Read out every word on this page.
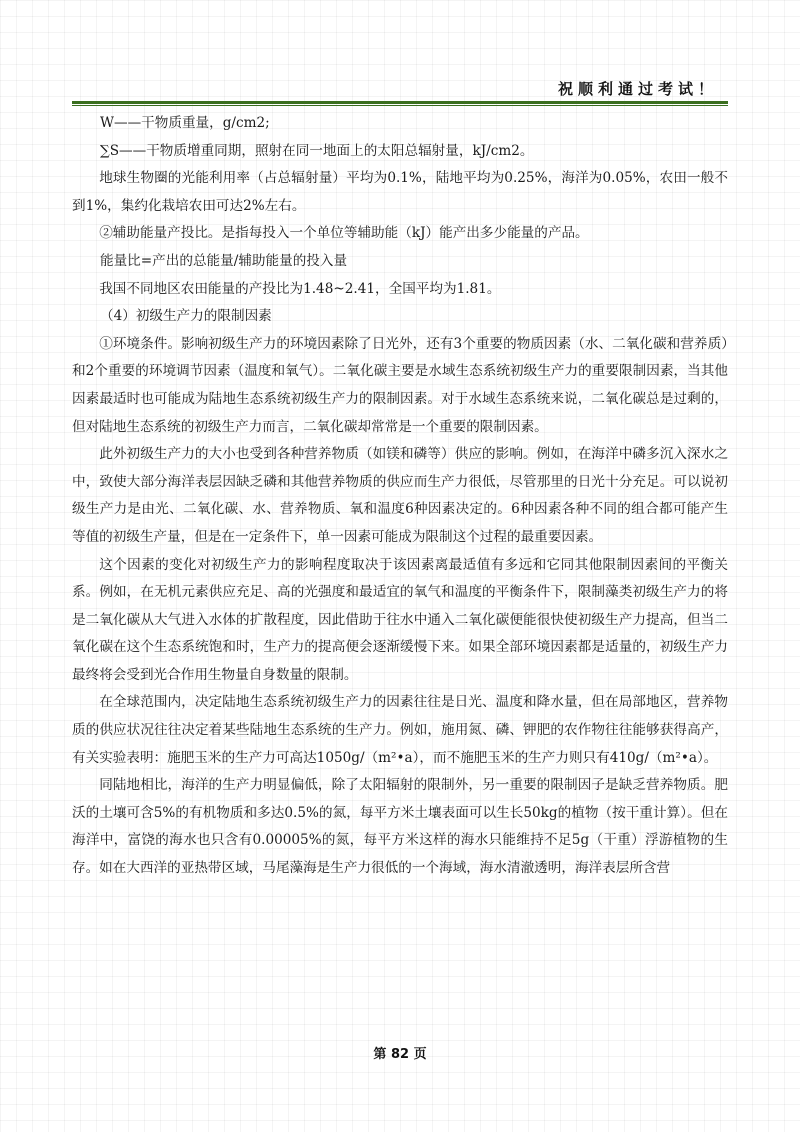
祝顺利通过考试！

W——干物质重量，g/cm2;

∑S——干物质增重同期，照射在同一地面上的太阳总辐射量，kJ/cm2。

地球生物圈的光能利用率（占总辐射量）平均为0.1%，陆地平均为0.25%，海洋为0.05%，农田一般不到1%，集约化栽培农田可达2%左右。

②辅助能量产投比。是指每投入一个单位等辅助能（kJ）能产出多少能量的产品。

能量比=产出的总能量/辅助能量的投入量

我国不同地区农田能量的产投比为1.48~2.41，全国平均为1.81。

（4）初级生产力的限制因素

①环境条件。影响初级生产力的环境因素除了日光外，还有3个重要的物质因素（水、二氧化碳和营养质）和2个重要的环境调节因素（温度和氧气）。二氧化碳主要是水域生态系统初级生产力的重要限制因素，当其他因素最适时也可能成为陆地生态系统初级生产力的限制因素。对于水域生态系统来说，二氧化碳总是过剩的，但对陆地生态系统的初级生产力而言，二氧化碳却常常是一个重要的限制因素。

此外初级生产力的大小也受到各种营养物质（如镁和磷等）供应的影响。例如，在海洋中磷多沉入深水之中，致使大部分海洋表层因缺乏磷和其他营养物质的供应而生产力很低，尽管那里的日光十分充足。可以说初级生产力是由光、二氧化碳、水、营养物质、氧和温度6种因素决定的。6种因素各种不同的组合都可能产生等值的初级生产量，但是在一定条件下，单一因素可能成为限制这个过程的最重要因素。

这个因素的变化对初级生产力的影响程度取决于该因素离最适值有多远和它同其他限制因素间的平衡关系。例如，在无机元素供应充足、高的光强度和最适宜的氧气和温度的平衡条件下，限制藻类初级生产力的将是二氧化碳从大气进入水体的扩散程度，因此借助于往水中通入二氧化碳便能很快使初级生产力提高，但当二氧化碳在这个生态系统饱和时，生产力的提高便会逐渐缓慢下来。如果全部环境因素都是适量的，初级生产力最终将会受到光合作用生物量自身数量的限制。

在全球范围内，决定陆地生态系统初级生产力的因素往往是日光、温度和降水量，但在局部地区，营养物质的供应状况往往决定着某些陆地生态系统的生产力。例如，施用氮、磷、钾肥的农作物往往能够获得高产，有关实验表明：施肥玉米的生产力可高达1050g/（m²•a），而不施肥玉米的生产力则只有410g/（m²•a）。

同陆地相比，海洋的生产力明显偏低，除了太阳辐射的限制外，另一重要的限制因子是缺乏营养物质。肥沃的土壤可含5%的有机物质和多达0.5%的氮，每平方米土壤表面可以生长50kg的植物（按干重计算）。但在海洋中，富饶的海水也只含有0.00005%的氮，每平方米这样的海水只能维持不足5g（干重）浮游植物的生存。如在大西洋的亚热带区域，马尾藻海是生产力很低的一个海域，海水清澈透明，海洋表层所含营

第 82 页
